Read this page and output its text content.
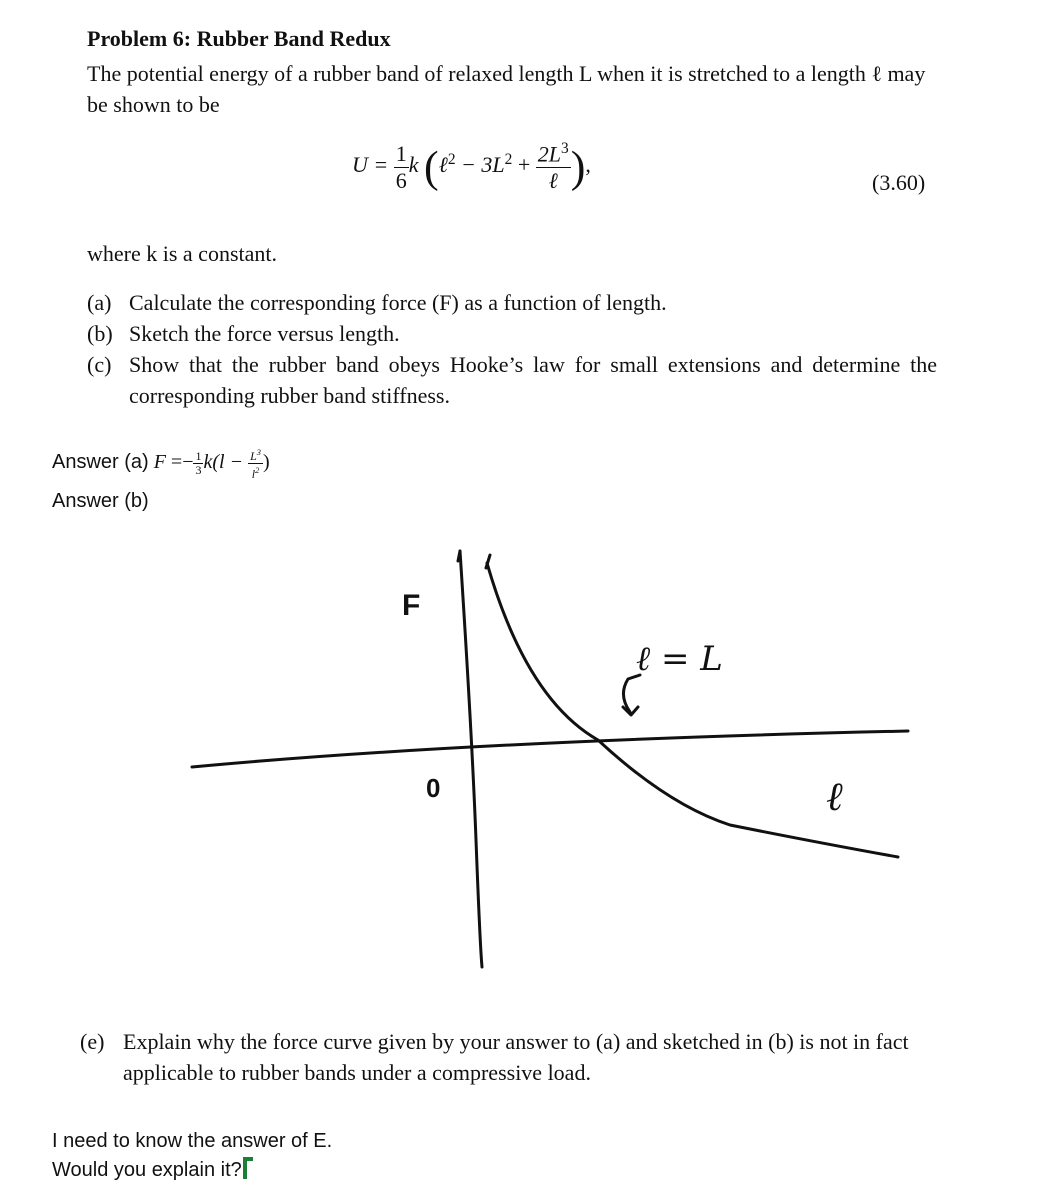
Problem 6: Rubber Band Redux
The potential energy of a rubber band of relaxed length L when it is stretched to a length ℓ may be shown to be
$U = \frac{1}{6}$ k (ℓ$^2$ − $3L^2 + \frac{2L^3}{\text{ℓ}}$ ),
(3.60)
where k is a constant.

(a) Calculate the corresponding force (F) as a function of length.

(b) Sketch the force versus length.

(c) Show that the rubber band obeys Hooke’s law for small extensions and determine the corresponding rubber band stiffness.

Answer (a) $F =- \frac{1}{3} k(l - \frac{L^3}{l^2}$ )
Answer (b)
F
0	ℓ
ℓ = L
(e) Explain why the force curve given by your answer to (a) and sketched in (b) is not in fact applicable to rubber bands under a compressive load.
I need to know the answer of E.
Would you explain it?
